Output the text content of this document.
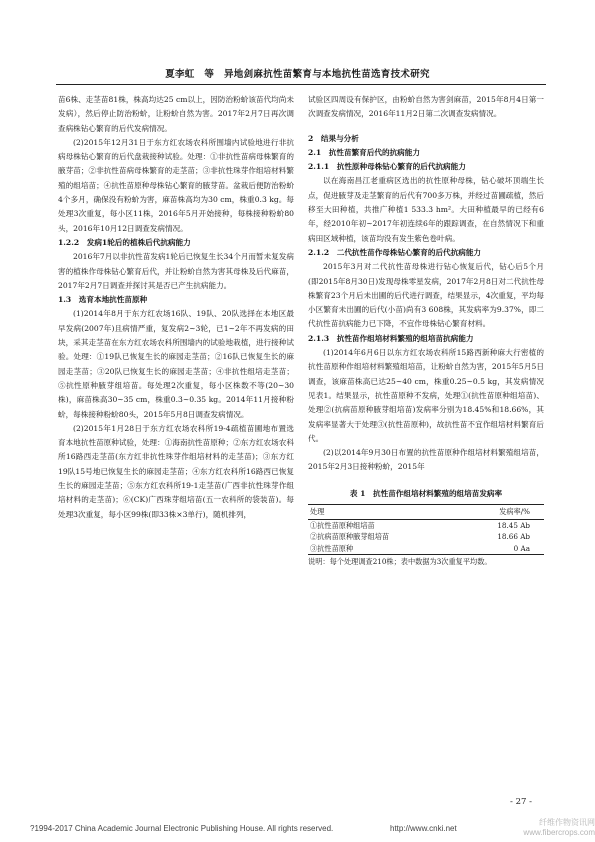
夏李虹　等　异地剑麻抗性苗繁育与本地抗性苗选育技术研究

苗6株、走茎苗81株，株高均达25 cm以上，因防治粉蚧该苗代均尚未发病），然后停止防治粉蚧，让粉蚧自然为害。2017年2月7日再次调查病株钻心繁育的后代发病情况。

(2)2015年12月31日于东方红农场农科所围墙内试验地进行非抗病母株钻心繁育的后代盘栽接种试验。处理：①非抗性苗病母株繁育的腋芽苗；②非抗性苗病母株繁育的走茎苗；③非抗性珠芽作组培材料繁殖的组培苗；④抗性苗原种母株钻心繁育的腋芽苗。盆栽后便防治粉蚧4个多月，确保没有粉蚧为害，麻苗株高均为30 cm，株重0.3 kg。每处理3次重复，每小区11株，2016年5月开始接种，每株接种粉蚧80头，2016年10月12日调查发病情况。

1.2.2　发病1轮后的植株后代抗病能力

2016年7月以非抗性苗发病1轮后已恢复生长34个月而暂未复发病害的植株作母株钻心繁育后代，并让粉蚧自然为害其母株及后代麻苗，2017年2月7日调查并探讨其是否已产生抗病能力。

1.3　选育本地抗性苗原种

(1)2014年8月于东方红农场16队、19队、20队选择在本地区最早发病(2007年)且病情严重，复发病2~3轮，已1~2年不再发病的田块，采其走茎苗在东方红农场农科所围墙内的试验地栽植，进行接种试验。处理：①19队已恢复生长的麻园走茎苗；②16队已恢复生长的麻园走茎苗；③20队已恢复生长的麻园走茎苗；④非抗性组培走茎苗；⑤抗性原种腋芽组培苗。每处理2次重复，每小区株数不等(20~30株)，麻苗株高30~35 cm，株重0.3~0.35 kg。2014年11月接种粉蚧，每株接种粉蚧80头，2015年5月8日调查发病情况。

(2)2015年1月28日于东方红农场农科所19-4疏植苗圃地布置选育本地抗性苗原种试验，处理：①海南抗性苗原种；②东方红农场农科所16路西走茎苗(东方红非抗性珠芽作组培材料的走茎苗)；③东方红19队15号地已恢复生长的麻园走茎苗；④东方红农科所16路西已恢复生长的麻园走茎苗；⑤东方红农科所19-1走茎苗(广西非抗性珠芽作组培材料的走茎苗)；⑥(CK)广西珠芽组培苗(五一农科所的袋装苗)。每处理3次重复，每小区99株(即33株×3单行)，随机排列，

试验区四周设有保护区，由粉蚧自然为害剑麻苗，2015年8月4日第一次调查发病情况，2016年11月2日第二次调查发病情况。

2　结果与分析

2.1　抗性苗繁育后代的抗病能力

2.1.1　抗性原种母株钻心繁育的后代抗病能力

以在海南昌江老重病区选出的抗性原种母株，钻心破坏顶端生长点，促进腋芽及走茎繁育的后代有700多万株，并经过苗圃疏植，然后移至大田种植，共推广种植1 533.3 hm²。大田种植最早的已经有6年，经2010年初~2017年初连续6年的跟踪调查，在自然情况下和重病田区域种植，该苗均没有发生紫色卷叶病。

2.1.2　二代抗性苗作母株钻心繁育的后代抗病能力

2015年3月对二代抗性苗母株进行钻心恢复后代，钻心后5个月(即2015年8月30日)发现母株零星发病，2017年2月8日对二代抗性母株繁育23个月后未出圃的后代进行调查，结果显示，4次重复，平均每小区繁育未出圃的后代(小苗)尚有3 608株，其发病率为9.37%，即二代抗性苗抗病能力已下降，不宜作母株钻心繁育材料。

2.1.3　抗性苗作组培材料繁殖的组培苗抗病能力

(1)2014年6月6日以东方红农场农科所15路西新种麻大行密植的抗性苗原种作组培材料繁殖组培苗，让粉蚧自然为害，2015年5月5日调查，该麻苗株高已达25~40 cm，株重0.25~0.5 kg，其发病情况见表1。结果显示，抗性苗原种不发病，处理①(抗性苗原种组培苗)、处理②(抗病苗原种腋芽组培苗)发病率分别为18.45%和18.66%，其发病率显著大于处理③(抗性苗原种)，故抗性苗不宜作组培材料繁育后代。

(2)以2014年9月30日布置的抗性苗原种作组培材料繁殖组培苗，2015年2月3日接种粉蚧，2015年

表 1　抗性苗作组培材料繁殖的组培苗发病率
处理	发病率/%
①抗性苗原种组培苗	18.45 Ab
②抗病苗原种腋芽组培苗	18.66 Ab
③抗性苗原种	0 Aa
说明：每个处理调查210株；表中数据为3次重复平均数。
- 27 -
?1994-2017 China Academic Journal Electronic Publishing House. All rights reserved.	http://www.cnki.net
纤维作物资讯网
www.fibercrops.com
